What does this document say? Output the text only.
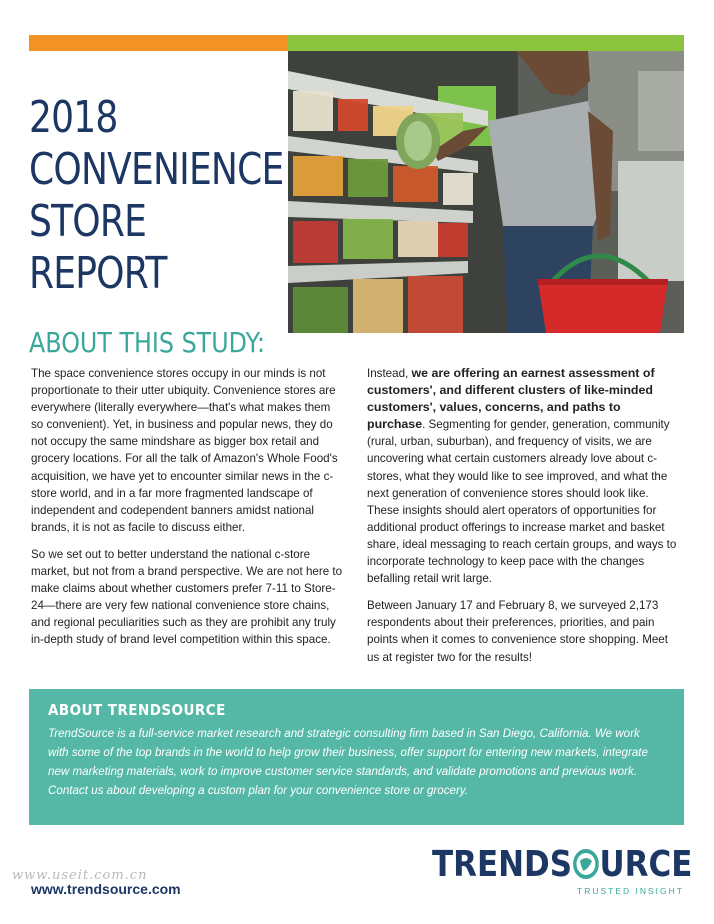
2018
CONVENIENCE
STORE
REPORT
ABOUT THIS STUDY:

The space convenience stores occupy in our minds is not proportionate to their utter ubiquity. Convenience stores are everywhere (literally everywhere—that's what makes them so convenient). Yet, in business and popular news, they do not occupy the same mindshare as bigger box retail and grocery locations. For all the talk of Amazon's Whole Food's acquisition, we have yet to encounter similar news in the c-store world, and in a far more fragmented landscape of independent and codependent banners amidst national brands, it is not as facile to discuss either.

So we set out to better understand the national c-store market, but not from a brand perspective. We are not here to make claims about whether customers prefer 7-11 to Store-24—there are very few national convenience store chains, and regional peculiarities such as they are prohibit any truly in-depth study of brand level competition within this space.

Instead, we are offering an earnest assessment of customers', and different clusters of like-minded customers', values, concerns, and paths to purchase. Segmenting for gender, generation, community (rural, urban, suburban), and frequency of visits, we are uncovering what certain customers already love about c-stores, what they would like to see improved, and what the next generation of convenience stores should look like. These insights should alert operators of opportunities for additional product offerings to increase market and basket share, ideal messaging to reach certain groups, and ways to incorporate technology to keep pace with the changes befalling retail writ large.

Between January 17 and February 8, we surveyed 2,173 respondents about their preferences, priorities, and pain points when it comes to convenience store shopping. Meet us at register two for the results!

ABOUT TRENDSOURCE

TrendSource is a full-service market research and strategic consulting firm based in San Diego, California. We work with some of the top brands in the world to help grow their business, offer support for entering new markets, integrate new marketing materials, work to improve customer service standards, and validate promotions and previous work. Contact us about developing a custom plan for your convenience store or grocery.

www.useit.com.cn
www.trendsource.com
TRENDS URCE
TRUSTED INSIGHT
